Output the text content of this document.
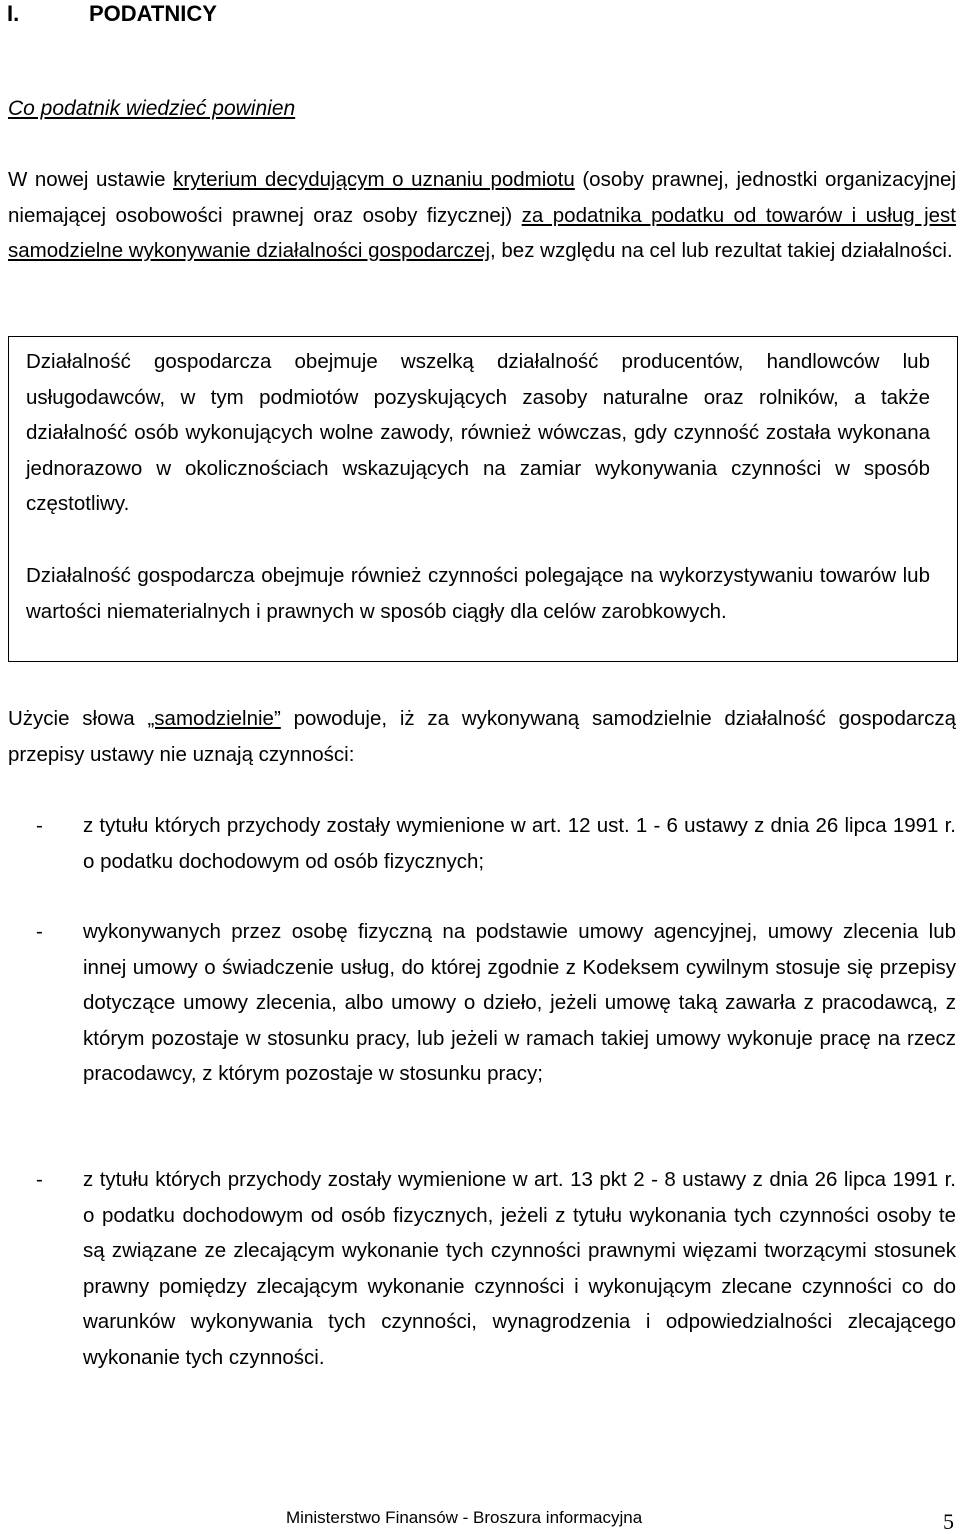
I.	PODATNICY
Co podatnik wiedzieć powinien

W nowej ustawie kryterium decydującym o uznaniu podmiotu (osoby prawnej, jednostki organizacyjnej niemającej osobowości prawnej oraz osoby fizycznej) za podatnika podatku od towarów i usług jest samodzielne wykonywanie działalności gospodarczej, bez względu na cel lub rezultat takiej działalności.

Działalność gospodarcza obejmuje wszelką działalność producentów, handlowców lub usługodawców, w tym podmiotów pozyskujących zasoby naturalne oraz rolników, a także działalność osób wykonujących wolne zawody, również wówczas, gdy czynność została wykonana jednorazowo w okolicznościach wskazujących na zamiar wykonywania czynności w sposób częstotliwy.

Działalność gospodarcza obejmuje również czynności polegające na wykorzystywaniu towarów lub wartości niematerialnych i prawnych w sposób ciągły dla celów zarobkowych.

Użycie słowa „samodzielnie” powoduje, iż za wykonywaną samodzielnie działalność gospodarczą przepisy ustawy nie uznają czynności:

- z tytułu których przychody zostały wymienione w art. 12 ust. 1 - 6 ustawy z dnia 26 lipca 1991 r. o podatku dochodowym od osób fizycznych;

- wykonywanych przez osobę fizyczną na podstawie umowy agencyjnej, umowy zlecenia lub innej umowy o świadczenie usług, do której zgodnie z Kodeksem cywilnym stosuje się przepisy dotyczące umowy zlecenia, albo umowy o dzieło, jeżeli umowę taką zawarła z pracodawcą, z którym pozostaje w stosunku pracy, lub jeżeli w ramach takiej umowy wykonuje pracę na rzecz pracodawcy, z którym pozostaje w stosunku pracy;

- z tytułu których przychody zostały wymienione w art. 13 pkt 2 - 8 ustawy z dnia 26 lipca 1991 r. o podatku dochodowym od osób fizycznych, jeżeli z tytułu wykonania tych czynności osoby te są związane ze zlecającym wykonanie tych czynności prawnymi więzami tworzącymi stosunek prawny pomiędzy zlecającym wykonanie czynności i wykonującym zlecane czynności co do warunków wykonywania tych czynności, wynagrodzenia i odpowiedzialności zlecającego wykonanie tych czynności.

Ministerstwo Finansów - Broszura informacyjna	5
